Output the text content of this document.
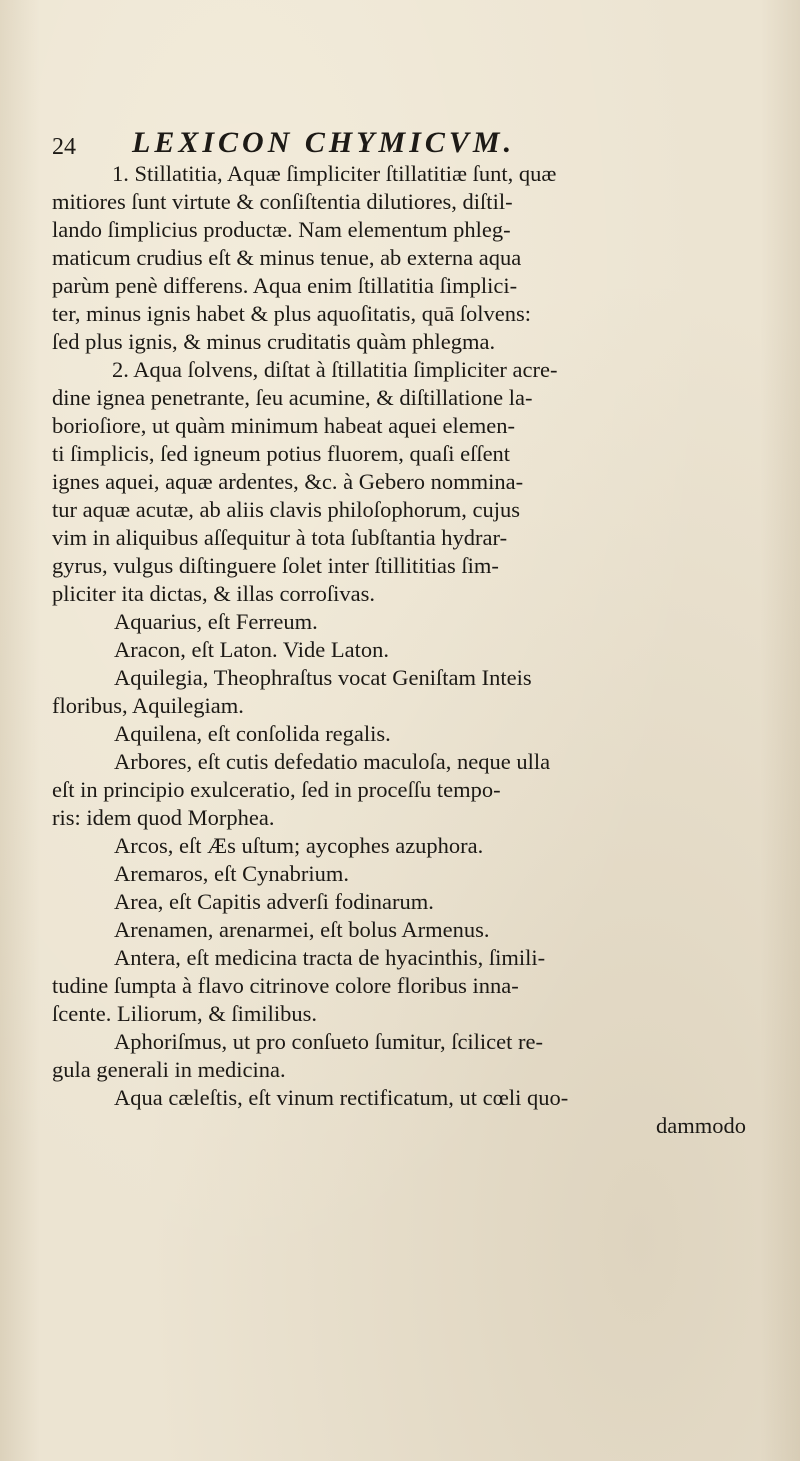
24 LEXICON CHYMICVM.
1. Stillatitia, Aquæ ſimpliciter ſtillatitiæ ſunt, quæ
mitiores ſunt virtute & conſiſtentia dilutiores, diſtil-
lando ſimplicius productæ. Nam elementum phleg-
maticum crudius eſt & minus tenue, ab externa aqua
parùm penè differens. Aqua enim ſtillatitia ſimplici-
ter, minus ignis habet & plus aquoſitatis, quā ſolvens:
ſed plus ignis, & minus cruditatis quàm phlegma.
2. Aqua ſolvens, diſtat à ſtillatitia ſimpliciter acre-
dine ignea penetrante, ſeu acumine, & diſtillatione la-
borioſiore, ut quàm minimum habeat aquei elemen-
ti ſimplicis, ſed igneum potius fluorem, quaſi eſſent
ignes aquei, aquæ ardentes, &c. à Gebero nommina-
tur aquæ acutæ, ab aliis clavis philoſophorum, cujus
vim in aliquibus aſſequitur à tota ſubſtantia hydrar-
gyrus, vulgus diſtinguere ſolet inter ſtillititias ſim-
pliciter ita dictas, & illas corroſivas.
Aquarius, eſt Ferreum.
Aracon, eſt Laton. Vide Laton.
Aquilegia, Theophraſtus vocat Geniſtam Inteis
floribus, Aquilegiam.
Aquilena, eſt conſolida regalis.
Arbores, eſt cutis defedatio maculoſa, neque ulla
eſt in principio exulceratio, ſed in proceſſu tempo-
ris: idem quod Morphea.
Arcos, eſt Æs uſtum; aycophes azuphora.
Aremaros, eſt Cynabrium.
Area, eſt Capitis adverſi fodinarum.
Arenamen, arenarmei, eſt bolus Armenus.
Antera, eſt medicina tracta de hyacinthis, ſimili-
tudine ſumpta à flavo citrinove colore floribus inna-
ſcente. Liliorum, & ſimilibus.
Aphoriſmus, ut pro conſueto ſumitur, ſcilicet re-
gula generali in medicina.
Aqua cæleſtis, eſt vinum rectificatum, ut cœli quo-
dammodo
